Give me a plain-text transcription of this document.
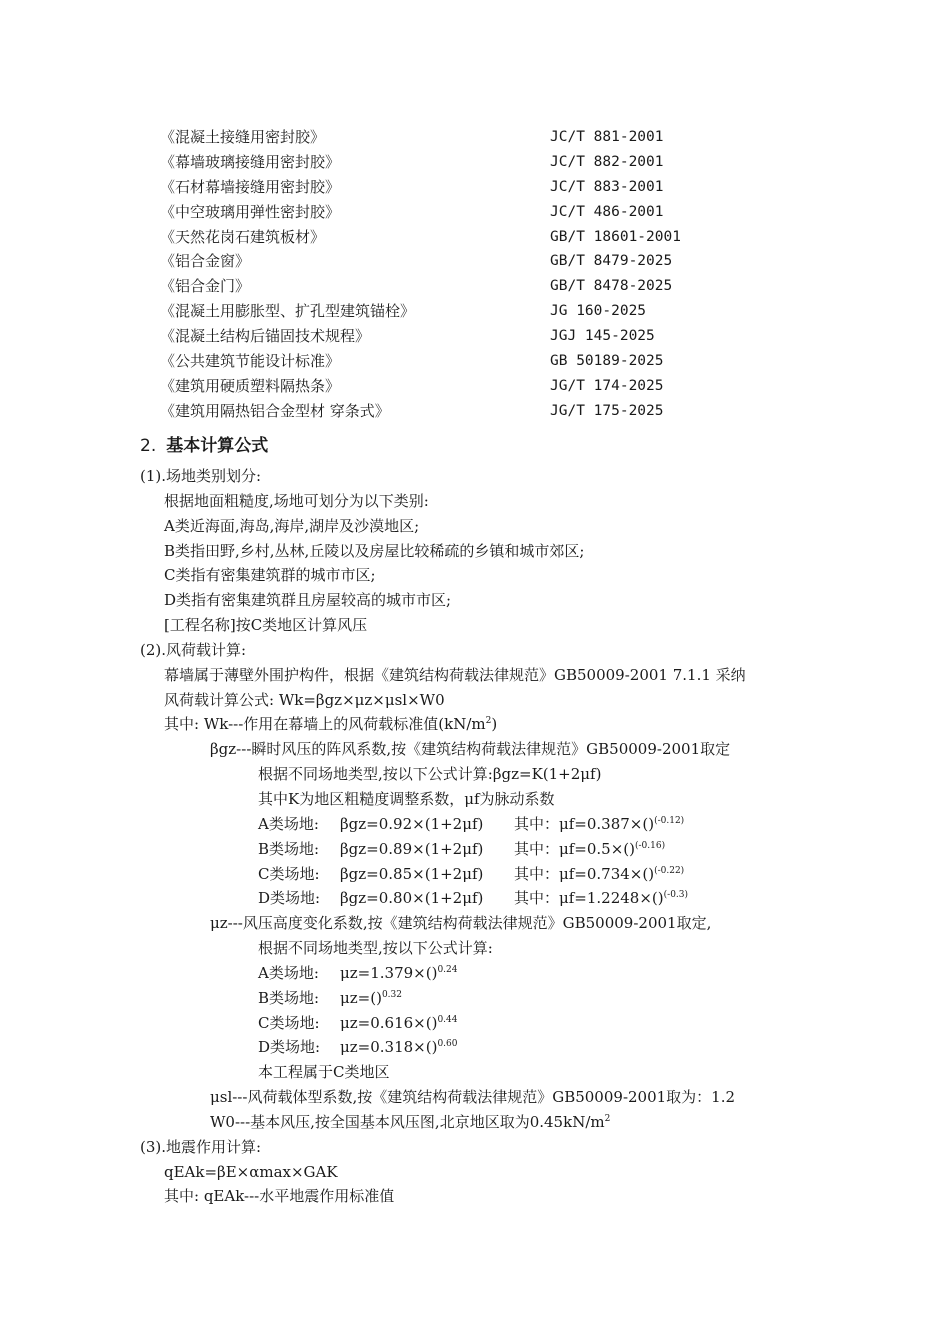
《混凝土接缝用密封胶》	JC/T 881-2001
《幕墙玻璃接缝用密封胶》	JC/T 882-2001
《石材幕墙接缝用密封胶》	JC/T 883-2001
《中空玻璃用弹性密封胶》	JC/T 486-2001
《天然花岗石建筑板材》	GB/T 18601-2001
《铝合金窗》	GB/T 8479-2025
《铝合金门》	GB/T 8478-2025
《混凝土用膨胀型、扩孔型建筑锚栓》	JG 160-2025
《混凝土结构后锚固技术规程》	JGJ 145-2025
《公共建筑节能设计标准》	GB 50189-2025
《建筑用硬质塑料隔热条》	JG/T 174-2025
《建筑用隔热铝合金型材 穿条式》	JG/T 175-2025
2. 基本计算公式
(1).场地类别划分:
根据地面粗糙度,场地可划分为以下类别:
A类近海面,海岛,海岸,湖岸及沙漠地区;
B类指田野,乡村,丛林,丘陵以及房屋比较稀疏的乡镇和城市郊区;
C类指有密集建筑群的城市市区;
D类指有密集建筑群且房屋较高的城市市区;
[工程名称]按C类地区计算风压
(2).风荷载计算:
幕墙属于薄壁外围护构件，根据《建筑结构荷载法律规范》GB50009-2001 7.1.1 采纳
风荷载计算公式: Wk=βgz×μz×μsl×W0
其中: Wk---作用在幕墙上的风荷载标准值$(kN/m^2)$
βgz---瞬时风压的阵风系数,按《建筑结构荷载法律规范》GB50009-2001取定
根据不同场地类型,按以下公式计算:βgz=K(1+2μf)
其中K为地区粗糙度调整系数，μf为脉动系数
A类场地: βgz=0.92×(1+2μf) 其中：μf=0.387×()$^{(-0.12)}$
B类场地: βgz=0.89×(1+2μf) 其中：μf=0.5×()$^{(-0.16)}$
C类场地: βgz=0.85×(1+2μf) 其中：μf=0.734×()$^{(-0.22)}$
D类场地: βgz=0.80×(1+2μf) 其中：μf=1.2248×()$^{(-0.3)}$
μz---风压高度变化系数,按《建筑结构荷载法律规范》GB50009-2001取定,
根据不同场地类型,按以下公式计算:
A类场地: μz=1.379×()$^{0.24}$
B类场地: μz=()$^{0.32}$
C类场地: μz=0.616×()$^{0.44}$
D类场地: μz=0.318×()$^{0.60}$
本工程属于C类地区
μsl---风荷载体型系数,按《建筑结构荷载法律规范》GB50009-2001取为：1.2
W0---基本风压,按全国基本风压图,北京地区取为$0.45kN/m^2$
(3).地震作用计算:
qEAk=βE×αmax×GAK
其中: qEAk---水平地震作用标准值
